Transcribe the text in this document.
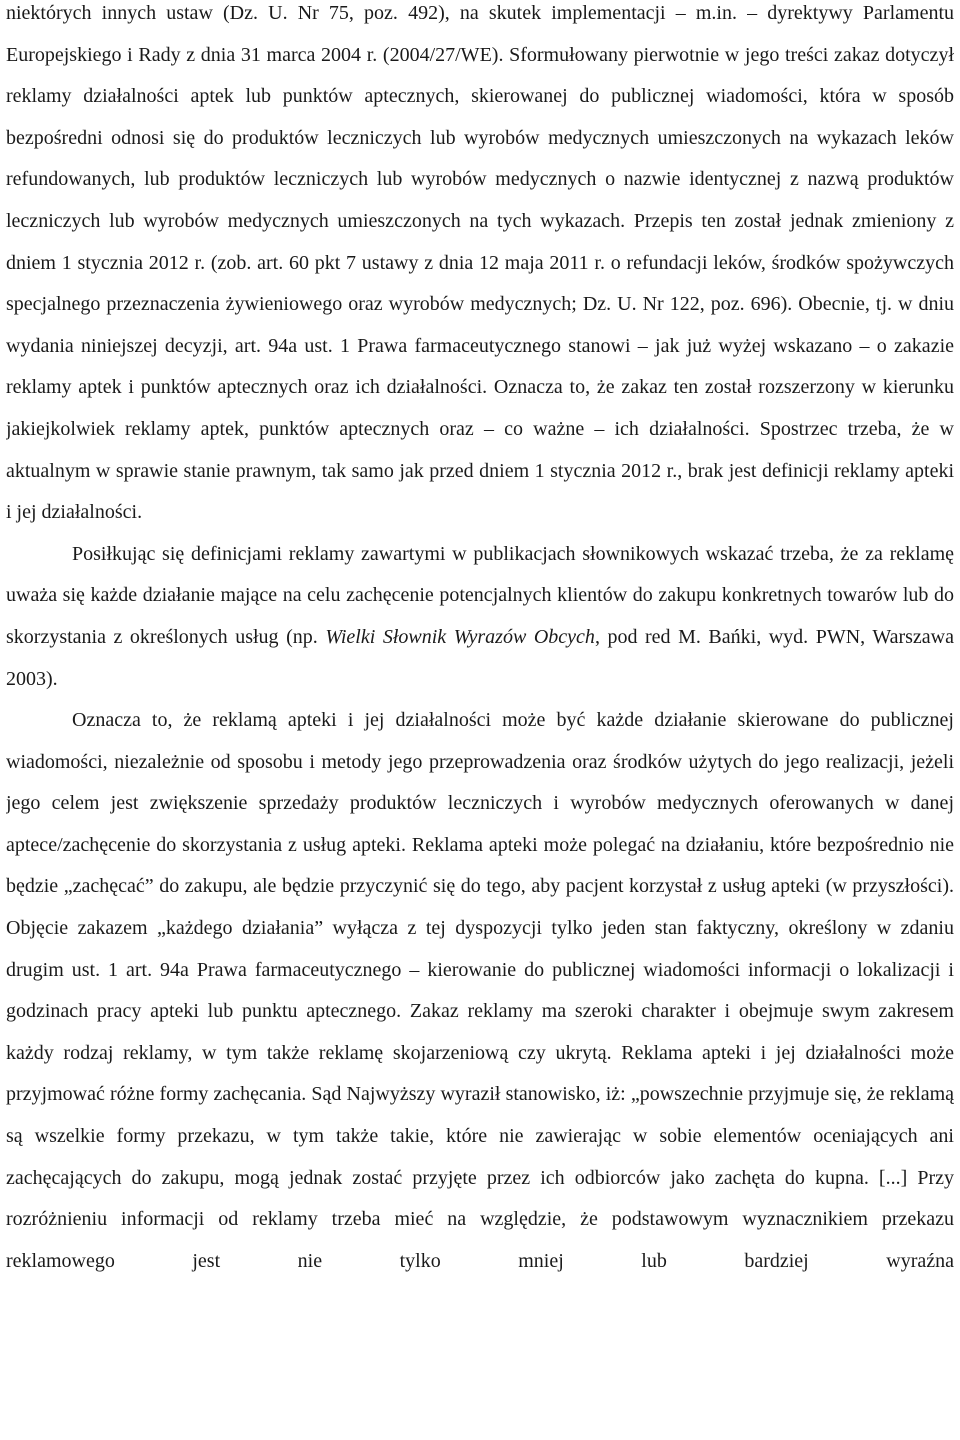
niektórych innych ustaw (Dz. U. Nr 75, poz. 492), na skutek implementacji – m.in. – dyrektywy Parlamentu Europejskiego i Rady z dnia 31 marca 2004 r. (2004/27/WE). Sformułowany pierwotnie w jego treści zakaz dotyczył reklamy działalności aptek lub punktów aptecznych, skierowanej do publicznej wiadomości, która w sposób bezpośredni odnosi się do produktów leczniczych lub wyrobów medycznych umieszczonych na wykazach leków refundowanych, lub produktów leczniczych lub wyrobów medycznych o nazwie identycznej z nazwą produktów leczniczych lub wyrobów medycznych umieszczonych na tych wykazach. Przepis ten został jednak zmieniony z dniem 1 stycznia 2012 r. (zob. art. 60 pkt 7 ustawy z dnia 12 maja 2011 r. o refundacji leków, środków spożywczych specjalnego przeznaczenia żywieniowego oraz wyrobów medycznych; Dz. U. Nr 122, poz. 696). Obecnie, tj. w dniu wydania niniejszej decyzji, art. 94a ust. 1 Prawa farmaceutycznego stanowi – jak już wyżej wskazano – o zakazie reklamy aptek i punktów aptecznych oraz ich działalności. Oznacza to, że zakaz ten został rozszerzony w kierunku jakiejkolwiek reklamy aptek, punktów aptecznych oraz – co ważne – ich działalności. Spostrzec trzeba, że w aktualnym w sprawie stanie prawnym, tak samo jak przed dniem 1 stycznia 2012 r., brak jest definicji reklamy apteki i jej działalności.

Posiłkując się definicjami reklamy zawartymi w publikacjach słownikowych wskazać trzeba, że za reklamę uważa się każde działanie mające na celu zachęcenie potencjalnych klientów do zakupu konkretnych towarów lub do skorzystania z określonych usług (np. Wielki Słownik Wyrazów Obcych, pod red M. Bańki, wyd. PWN, Warszawa 2003).

Oznacza to, że reklamą apteki i jej działalności może być każde działanie skierowane do publicznej wiadomości, niezależnie od sposobu i metody jego przeprowadzenia oraz środków użytych do jego realizacji, jeżeli jego celem jest zwiększenie sprzedaży produktów leczniczych i wyrobów medycznych oferowanych w danej aptece/zachęcenie do skorzystania z usług apteki. Reklama apteki może polegać na działaniu, które bezpośrednio nie będzie „zachęcać” do zakupu, ale będzie przyczynić się do tego, aby pacjent korzystał z usług apteki (w przyszłości). Objęcie zakazem „każdego działania” wyłącza z tej dyspozycji tylko jeden stan faktyczny, określony w zdaniu drugim ust. 1 art. 94a Prawa farmaceutycznego – kierowanie do publicznej wiadomości informacji o lokalizacji i godzinach pracy apteki lub punktu aptecznego. Zakaz reklamy ma szeroki charakter i obejmuje swym zakresem każdy rodzaj reklamy, w tym także reklamę skojarzeniową czy ukrytą. Reklama apteki i jej działalności może przyjmować różne formy zachęcania. Sąd Najwyższy wyraził stanowisko, iż: „powszechnie przyjmuje się, że reklamą są wszelkie formy przekazu, w tym także takie, które nie zawierając w sobie elementów oceniających ani zachęcających do zakupu, mogą jednak zostać przyjęte przez ich odbiorców jako zachęta do kupna. [...] Przy rozróżnieniu informacji od reklamy trzeba mieć na względzie, że podstawowym wyznacznikiem przekazu reklamowego jest nie tylko mniej lub bardziej wyraźna
